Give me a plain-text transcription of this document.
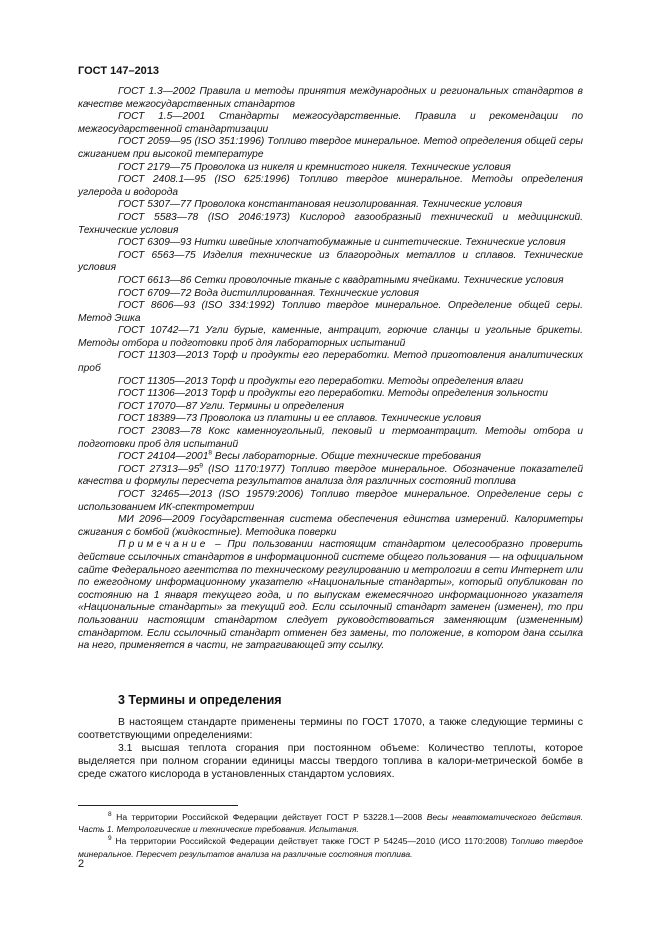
ГОСТ 147–2013

ГОСТ 1.3—2002 Правила и методы принятия международных и региональных стандартов в качестве межгосударственных стандартов

ГОСТ 1.5—2001 Стандарты межгосударственные. Правила и рекомендации по межгосударственной стандартизации

ГОСТ 2059—95 (ISO 351:1996) Топливо твердое минеральное. Метод определения общей серы сжиганием при высокой температуре

ГОСТ 2179—75 Проволока из никеля и кремнистого никеля. Технические условия

ГОСТ 2408.1—95 (ISO 625:1996) Топливо твердое минеральное. Методы определения углерода и водорода

ГОСТ 5307—77 Проволока константановая неизолированная. Технические условия

ГОСТ 5583—78 (ISO 2046:1973) Кислород газообразный технический и медицинский. Технические условия

ГОСТ 6309—93 Нитки швейные хлопчатобумажные и синтетические. Технические условия

ГОСТ 6563—75 Изделия технические из благородных металлов и сплавов. Технические условия

ГОСТ 6613—86 Сетки проволочные тканые с квадратными ячейками. Технические условия

ГОСТ 6709—72 Вода дистиллированная. Технические условия

ГОСТ 8606—93 (ISO 334:1992) Топливо твердое минеральное. Определение общей серы. Метод Эшка

ГОСТ 10742—71 Угли бурые, каменные, антрацит, горючие сланцы и угольные брикеты. Методы отбора и подготовки проб для лабораторных испытаний

ГОСТ 11303—2013 Торф и продукты его переработки. Метод приготовления аналитических проб

ГОСТ 11305—2013 Торф и продукты его переработки. Методы определения влаги

ГОСТ 11306—2013 Торф и продукты его переработки. Методы определения зольности

ГОСТ 17070—87 Угли. Термины и определения

ГОСТ 18389—73 Проволока из платины и ее сплавов. Технические условия

ГОСТ 23083—78 Кокс каменноугольный, пековый и термоантрацит. Методы отбора и подготовки проб для испытаний

ГОСТ 24104—2001$^8$ Весы лабораторные. Общие технические требования

ГОСТ $27313—95^9$ (ISO 1170:1977) Топливо твердое минеральное. Обозначение показателей качества и формулы пересчета результатов анализа для различных состояний топлива

ГОСТ 32465—2013 (ISO 19579:2006) Топливо твердое минеральное. Определение серы с использованием ИК-спектрометрии

МИ 2096—2009 Государственная система обеспечения единства измерений. Калориметры сжигания с бомбой (жидкостные). Методика поверки

Примечание – При пользовании настоящим стандартом целесообразно проверить действие ссылочных стандартов в информационной системе общего пользования — на официальном сайте Федерального агентства по техническому регулированию и метрологии в сети Интернет или по ежегодному информационному указателю «Национальные стандарты», который опубликован по состоянию на 1 января текущего года, и по выпускам ежемесячного информационного указателя «Национальные стандарты» за текущий год. Если ссылочный стандарт заменен (изменен), то при пользовании настоящим стандартом следует руководствоваться заменяющим (измененным) стандартом. Если ссылочный стандарт отменен без замены, то положение, в котором дана ссылка на него, применяется в части, не затрагивающей эту ссылку.

3 Термины и определения

В настоящем стандарте применены термины по ГОСТ 17070, а также следующие термины с соответствующими определениями:

3.1 высшая теплота сгорания при постоянном объеме: Количество теплоты, которое выделяется при полном сгорании единицы массы твердого топлива в калори-метрической бомбе в среде сжатого кислорода в установленных стандартом условиях.

$^8$ На территории Российской Федерации действует ГОСТ Р 53228.1—2008 Весы неавтоматического действия. Часть 1. Метрологические и технические требования. Испытания.

$^9$ На территории Российской Федерации действует также ГОСТ Р 54245—2010 (ИСО 1170:2008) Топливо твердое минеральное. Пересчет результатов анализа на различные состояния топлива.

2
